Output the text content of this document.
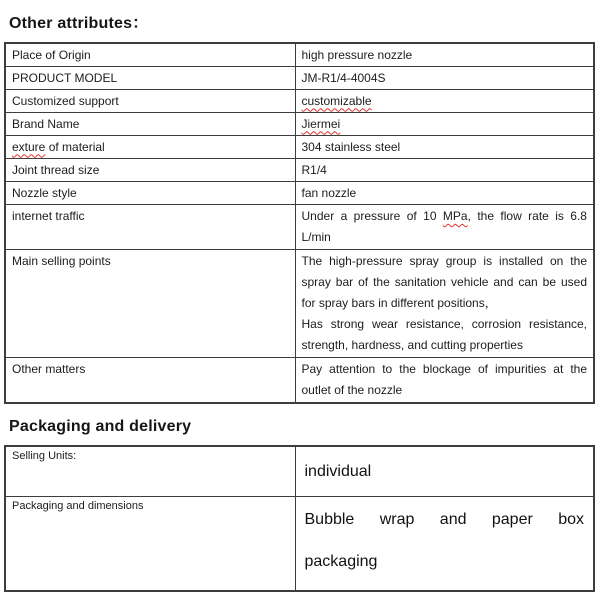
Other attributes：
Place of Origin	high pressure nozzle
PRODUCT MODEL	JM-R1/4-4004S
Customized support	customizable
Brand Name	Jiermei
exture of material	304 stainless steel
Joint thread size	R1/4
Nozzle style	fan nozzle
internet traffic	Under a pressure of 10 MPa, the flow rate is 6.8 L/min
Main selling points	The high-pressure spray group is installed on the spray bar of the sanitation vehicle and can be used for spray bars in different positions，

Has strong wear resistance, corrosion resistance, strength, hardness, and cutting properties

Other matters	Pay attention to the blockage of impurities at the outlet of the nozzle
Packaging and delivery
Selling Units:	individual
Packaging and dimensions	Bubble wrap and paper box
packaging
